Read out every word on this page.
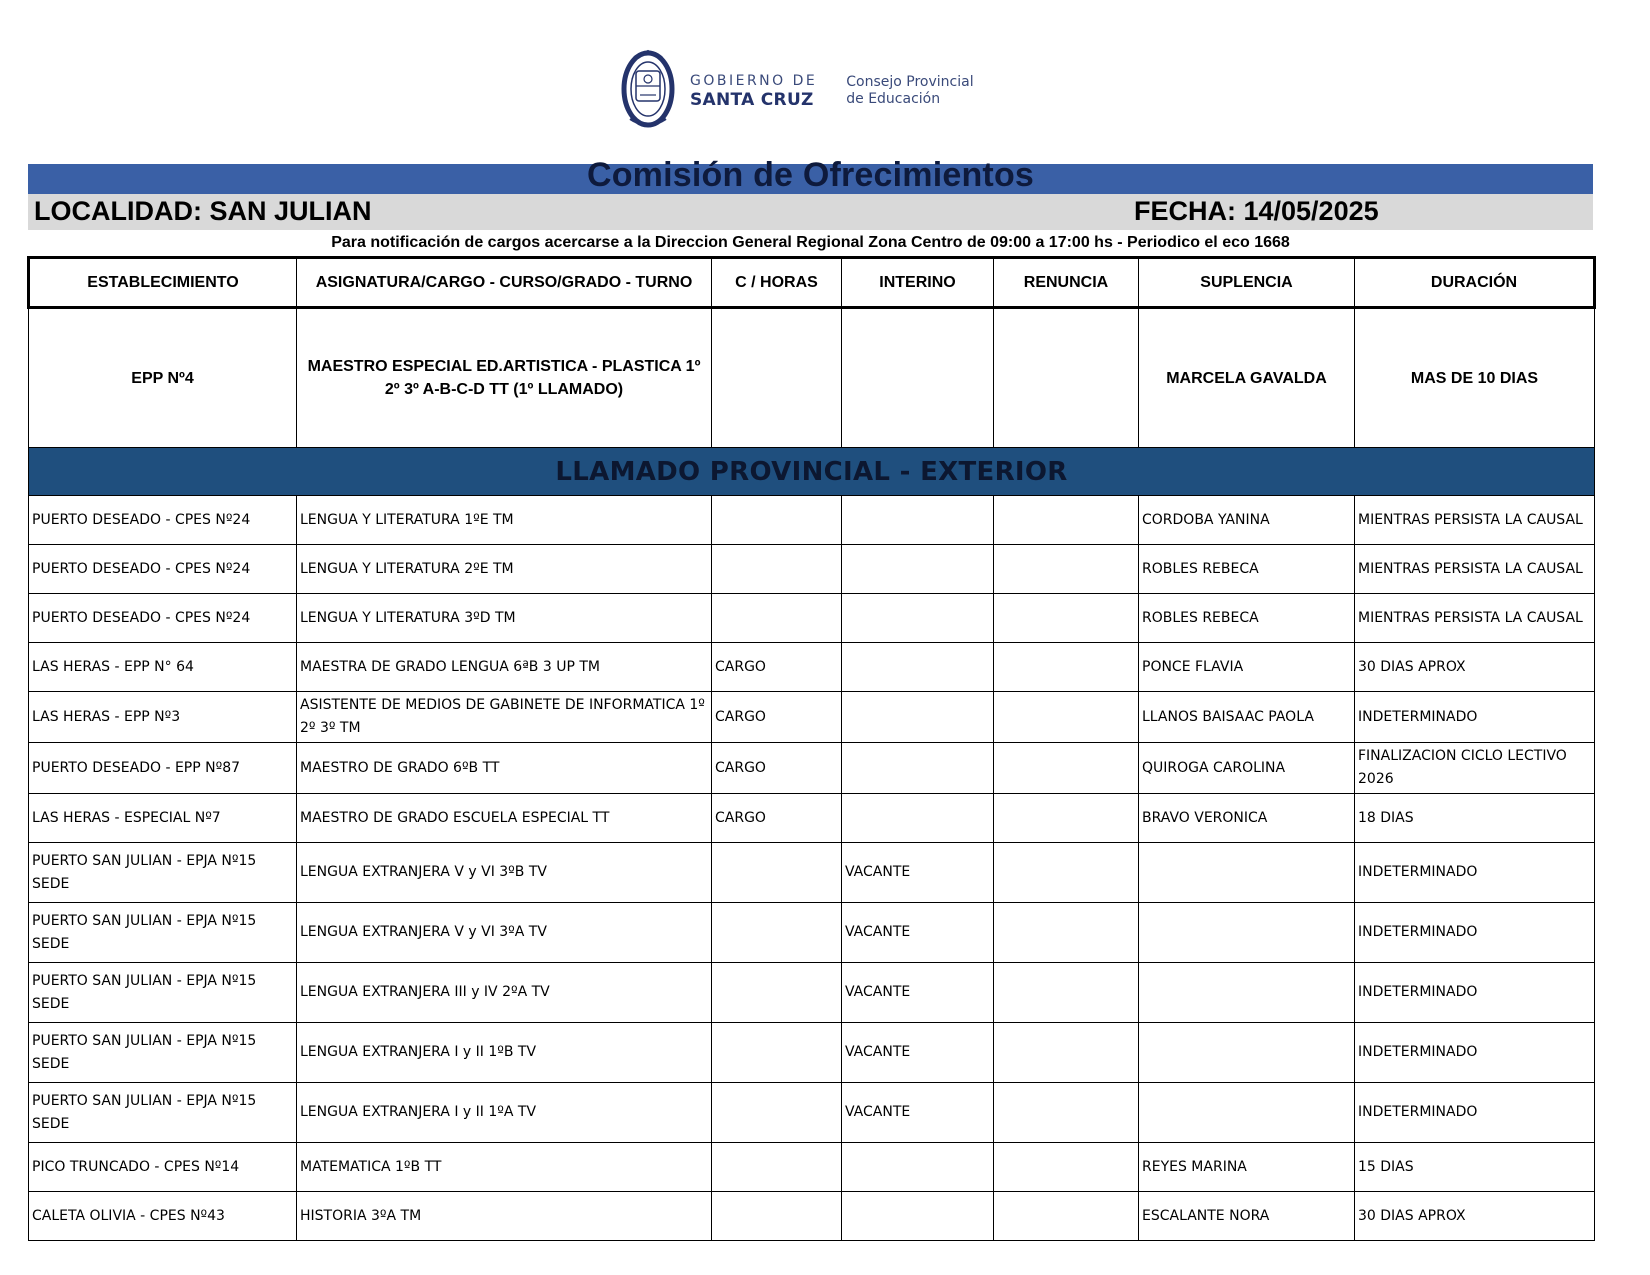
GOBIERNO DE
SANTA CRUZ
Consejo Provincial
de Educación
Comisión de Ofrecimientos
LOCALIDAD: SAN JULIAN	FECHA: 14/05/2025
Para notificación de cargos acercarse a la Direccion General Regional Zona Centro de 09:00 a 17:00 hs - Periodico el eco 1668
ESTABLECIMIENTO	ASIGNATURA/CARGO - CURSO/GRADO - TURNO	C / HORAS	INTERINO	RENUNCIA	SUPLENCIA	DURACIÓN
EPP Nº4	MAESTRO ESPECIAL ED.ARTISTICA - PLASTICA 1º 2º 3º A-B-C-D TT (1º LLAMADO)				MARCELA GAVALDA	MAS DE 10 DIAS
LLAMADO PROVINCIAL - EXTERIOR						
PUERTO DESEADO - CPES Nº24	LENGUA Y LITERATURA 1ºE TM				CORDOBA YANINA	MIENTRAS PERSISTA LA CAUSAL
PUERTO DESEADO - CPES Nº24	LENGUA Y LITERATURA 2ºE TM				ROBLES REBECA	MIENTRAS PERSISTA LA CAUSAL
PUERTO DESEADO - CPES Nº24	LENGUA Y LITERATURA 3ºD TM				ROBLES REBECA	MIENTRAS PERSISTA LA CAUSAL
LAS HERAS - EPP N° 64	MAESTRA DE GRADO LENGUA 6ªB 3 UP TM	CARGO			PONCE FLAVIA	30 DIAS APROX
LAS HERAS - EPP Nº3	ASISTENTE DE MEDIOS DE GABINETE DE INFORMATICA 1º 2º 3º TM	CARGO			LLANOS BAISAAC PAOLA	INDETERMINADO
PUERTO DESEADO - EPP Nº87	MAESTRO DE GRADO 6ºB TT	CARGO			QUIROGA CAROLINA	FINALIZACION CICLO LECTIVO 2026
LAS HERAS - ESPECIAL Nº7	MAESTRO DE GRADO ESCUELA ESPECIAL TT	CARGO			BRAVO VERONICA	18 DIAS
PUERTO SAN JULIAN - EPJA Nº15 SEDE	LENGUA EXTRANJERA V y VI 3ºB TV		VACANTE			INDETERMINADO
PUERTO SAN JULIAN - EPJA Nº15 SEDE	LENGUA EXTRANJERA V y VI 3ºA TV		VACANTE			INDETERMINADO
PUERTO SAN JULIAN - EPJA Nº15 SEDE	LENGUA EXTRANJERA III y IV 2ºA TV		VACANTE			INDETERMINADO
PUERTO SAN JULIAN - EPJA Nº15 SEDE	LENGUA EXTRANJERA I y II 1ºB TV		VACANTE			INDETERMINADO
PUERTO SAN JULIAN - EPJA Nº15 SEDE	LENGUA EXTRANJERA I y II 1ºA TV		VACANTE			INDETERMINADO
PICO TRUNCADO - CPES Nº14	MATEMATICA 1ºB TT				REYES MARINA	15 DIAS
CALETA OLIVIA - CPES Nº43	HISTORIA 3ºA TM				ESCALANTE NORA	30 DIAS APROX
